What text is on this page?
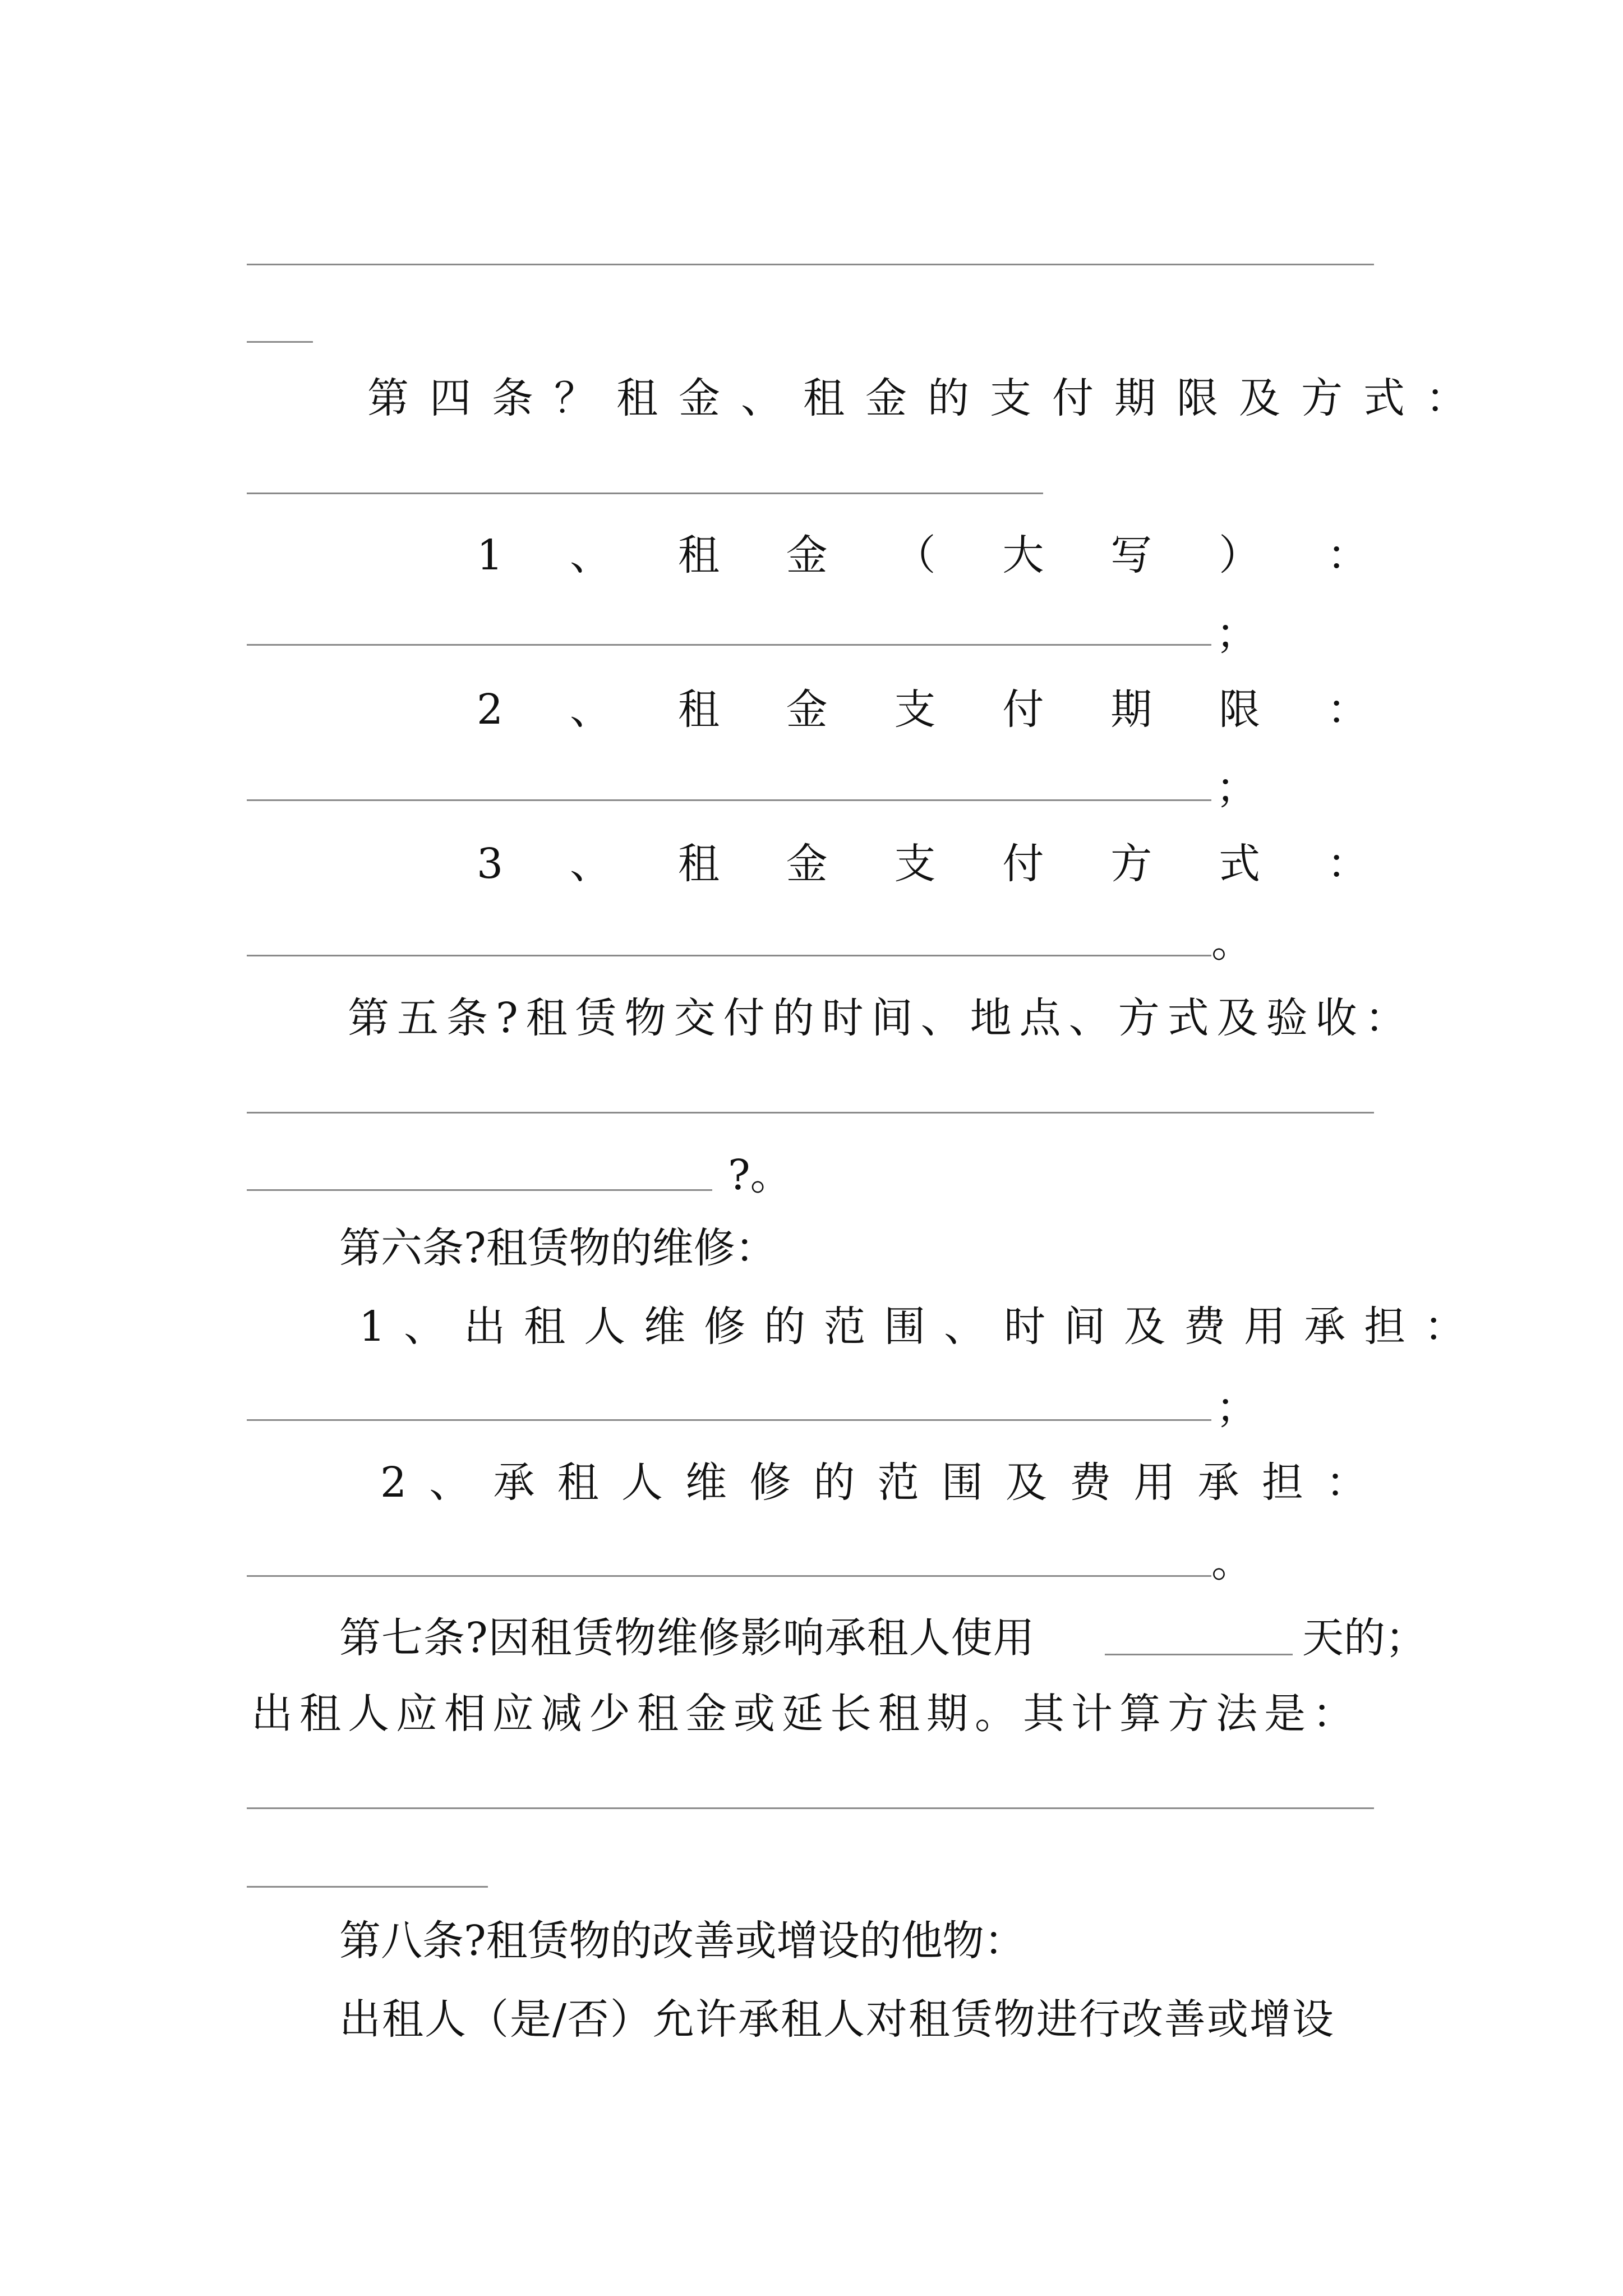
第四条？租金、租金的支付期限及方式：
1 、 租 金 （ 大 写 ） ：
；
2 、 租 金 支 付 期 限 ：
；
3 、 租 金 支 付 方 式 ：
。
第五条?租赁物交付的时间、地点、方式及验收：
?。
第六条?租赁物的维修：
1、出租人维修的范围、时间及费用承担：
；
2 、 承 租 人 维 修 的 范 围 及 费 用 承 担 ：
。
第七条?因租赁物维修影响承租人使用	天的；
出租人应相应减少租金或延长租期。其计算方法是：
第八条?租赁物的改善或增设的他物：
出租人（是/否）允许承租人对租赁物进行改善或增设
